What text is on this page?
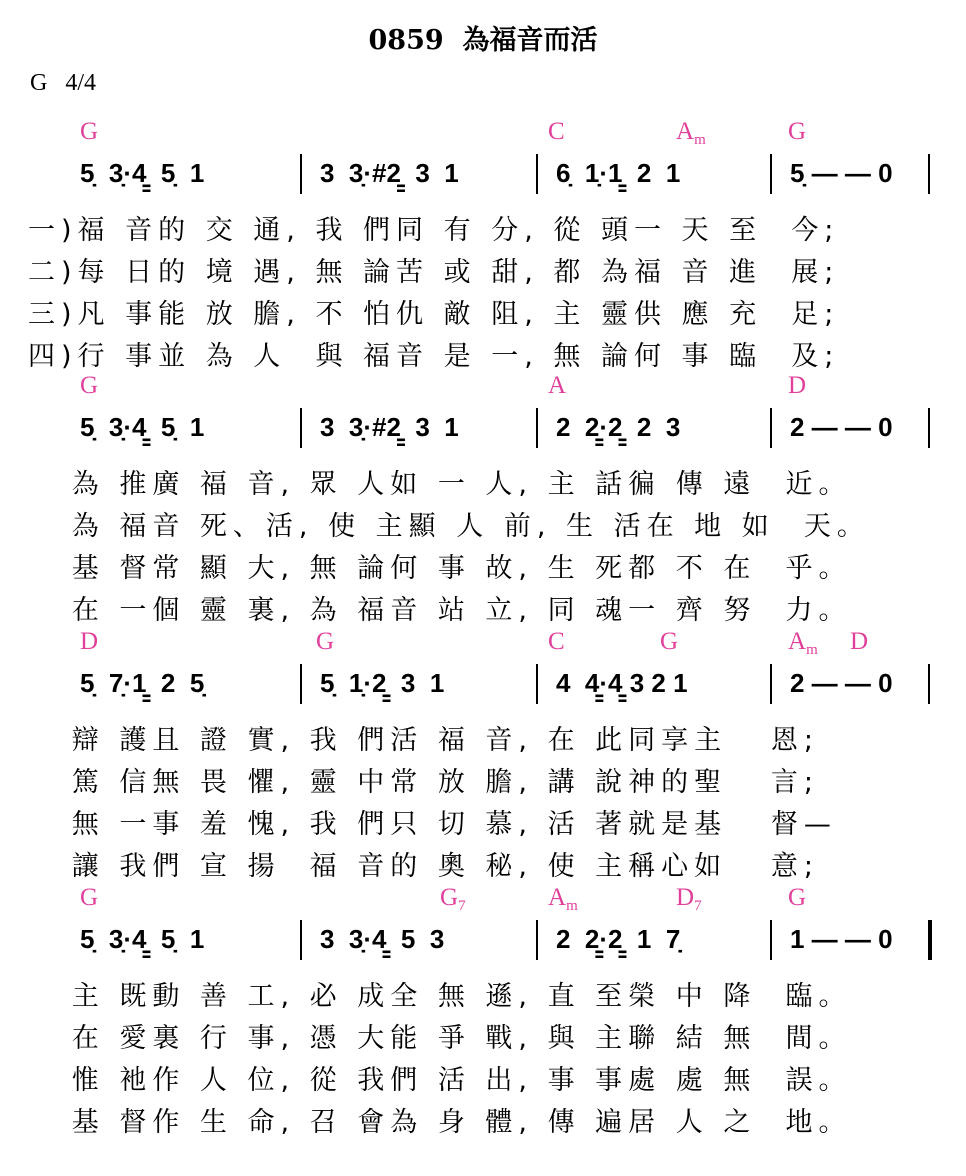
0859  為福音而活
G   4/4
G	C	$A_m$	G
5̣  3̣·4̳  5̣  1	3  3̣·#2̳  3  1	6̣  1̣·1̳  2  1	5̣ — — 0
一)福 音的 交 通, 我 們同 有 分, 從 頭一 天 至  今;
二)每 日的 境 遇, 無 論苦 或 甜, 都 為福 音 進  展;
三)凡 事能 放 膽, 不 怕仇 敵 阻, 主 靈供 應 充  足;
四)行 事並 為 人  與 福音 是 一, 無 論何 事 臨  及;
G	A	D
5̣  3̣·4̳  5̣  1	3  3̣·#2̳  3  1	2  2̳·2̳  2  3	2 — — 0
為 推廣 福 音, 眾 人如 一 人, 主 話徧 傳 遠  近。
為 福音 死、活, 使 主顯 人 前, 生 活在 地 如  天。
基 督常 顯 大, 無 論何 事 故, 生 死都 不 在  乎。
在 一個 靈 裏, 為 福音 站 立, 同 魂一 齊 努  力。
D	G	C	G	$A_m$ D
5̣  7̣·1̳  2  5̣	5̣  1̣·2̳  3  1	4  4̳·4̳ 3 2 1	2 — — 0
辯 護且 證 實, 我 們活 福 音, 在 此同享主   恩;
篤 信無 畏 懼, 靈 中常 放 膽, 講 說神的聖   言;
無 一事 羞 愧, 我 們只 切 慕, 活 著就是基   督—
讓 我們 宣 揚  福 音的 奧 秘, 使 主稱心如   意;
G	$G_7$	$A_m$	$D_7$	G
5̣  3̣·4̳  5̣  1	3  3̣·4̳  5  3	2  2̳·2̳  1  7̣	1 — — 0
主 既動 善 工, 必 成全 無 遜, 直 至榮 中 降  臨。
在 愛裏 行 事, 憑 大能 爭 戰, 與 主聯 結 無  間。
惟 衪作 人 位, 從 我們 活 出, 事 事處 處 無  誤。
基 督作 生 命, 召 會為 身 體, 傳 遍居 人 之  地。
